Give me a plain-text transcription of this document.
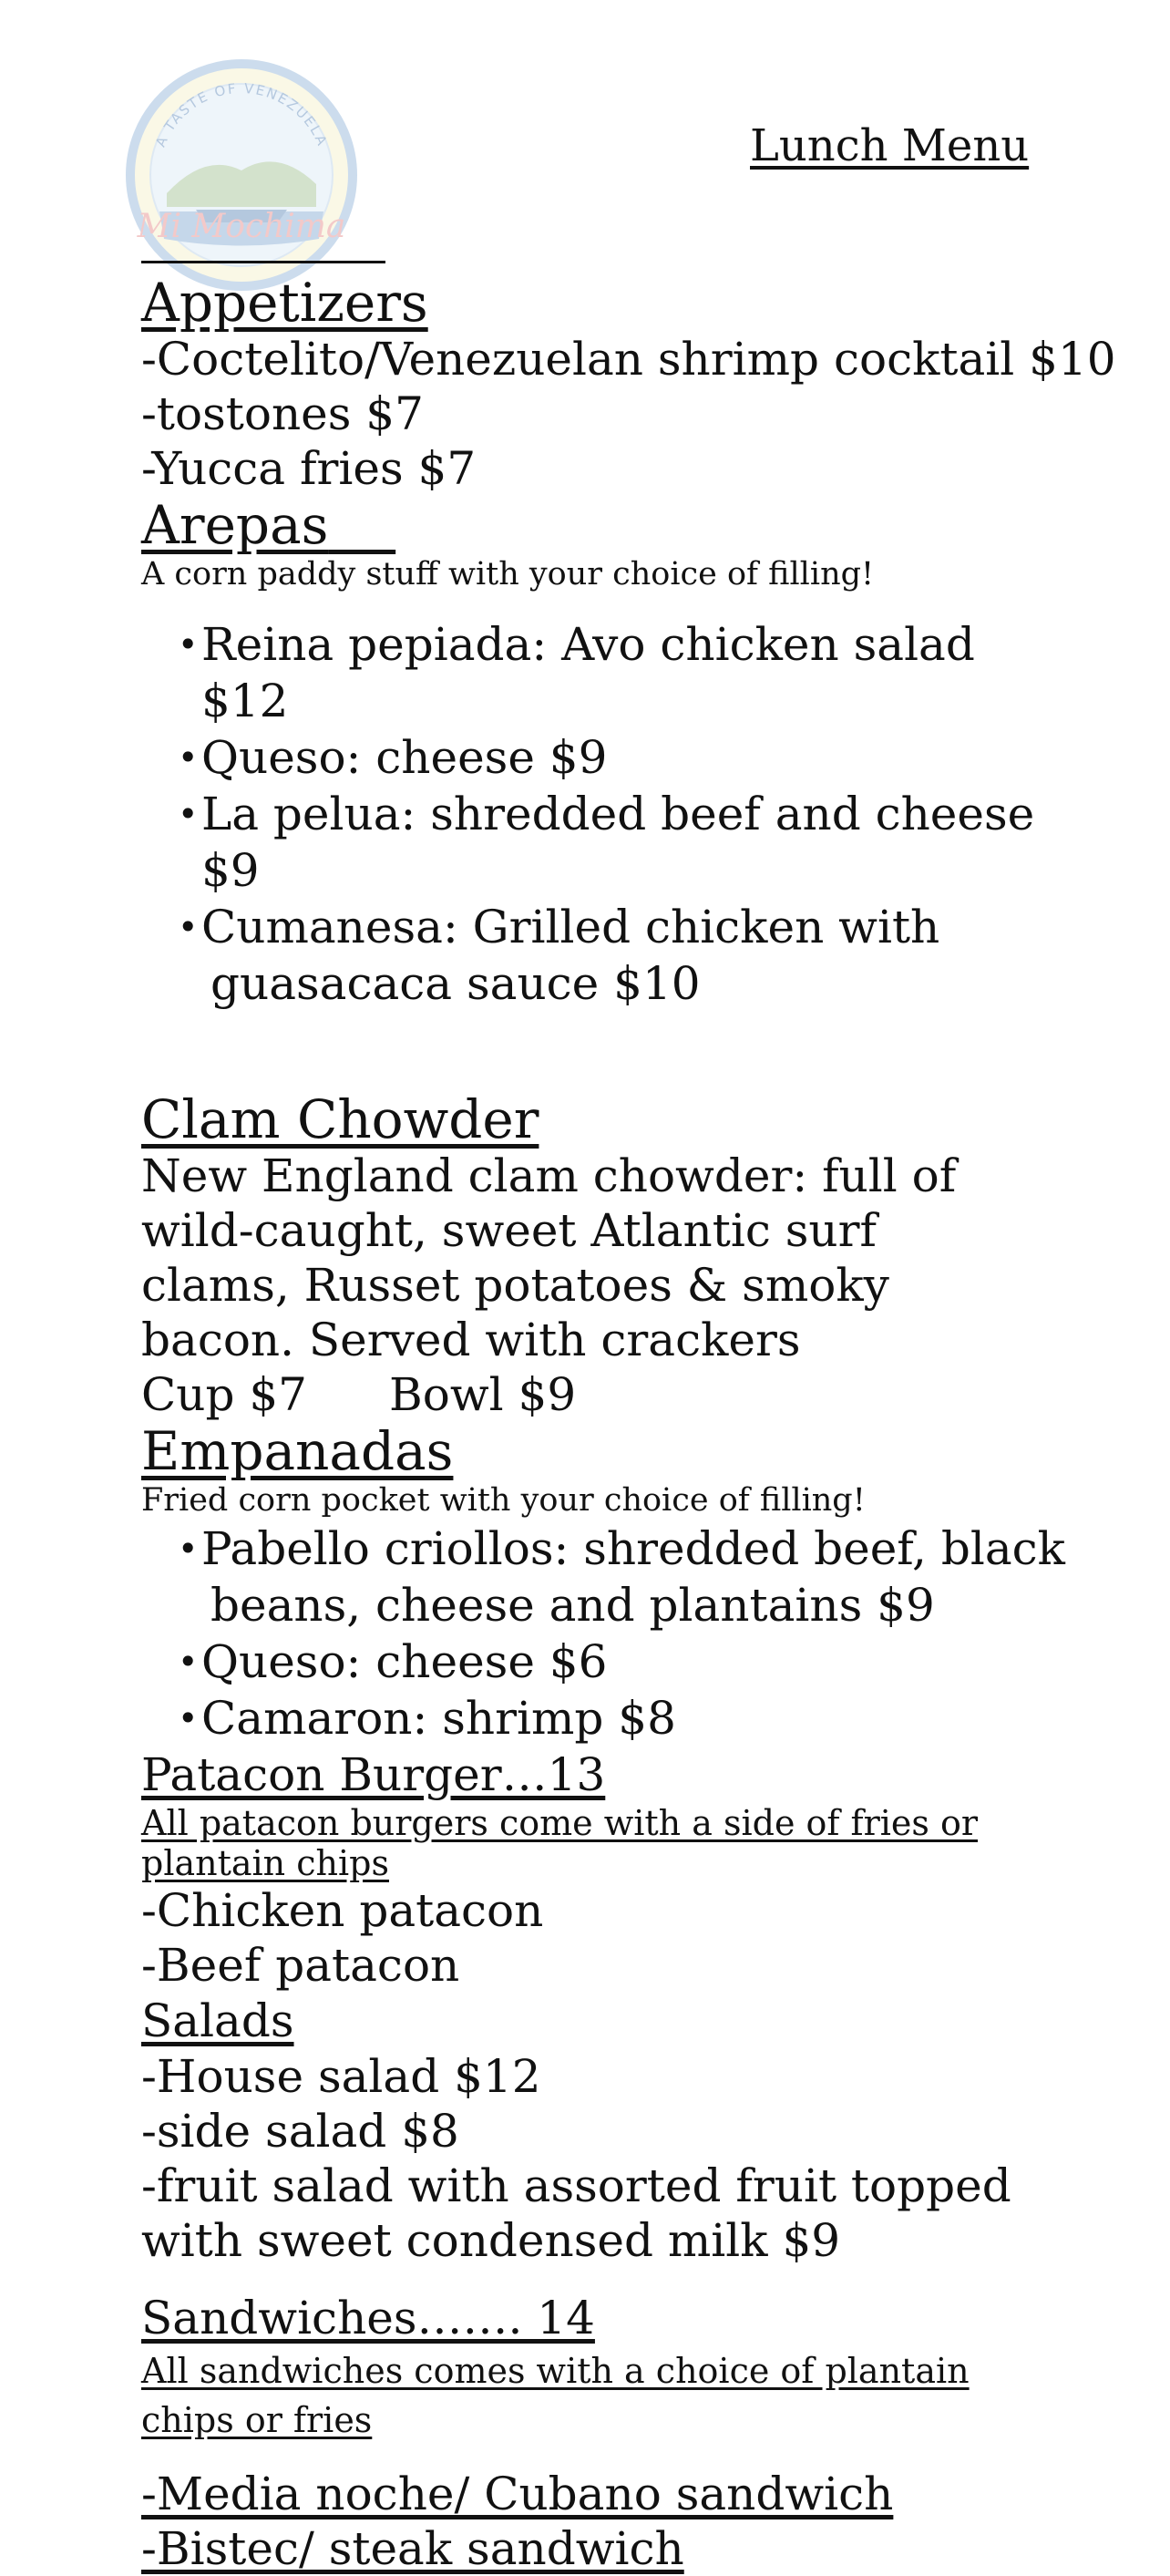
A TASTE OF VENEZUELA
Mi Mochima
Lunch Menu

Appetizers

-Coctelito/Venezuelan shrimp cocktail $10

-tostones $7

-Yucca fries $7

Arepas

A corn paddy stuff with your choice of filling!

• Reina pepiada: Avo chicken salad$12
• Queso: cheese $9
• La pelua: shredded beef and cheese$9
• Cumanesa: Grilled chicken with
guasacaca sauce $10

Clam Chowder

New England clam chowder: full of wild-caught, sweet Atlantic surf clams, Russet potatoes & smoky bacon. Served with crackers

Cup $7 Bowl $9

Empanadas

Fried corn pocket with your choice of filling!

• Pabello criollos: shredded beef, black
beans, cheese and plantains $9
• Queso: cheese $6
• Camaron: shrimp $8

Patacon Burger…13

All patacon burgers come with a side of fries or plantain chips

-Chicken patacon

-Beef patacon

Salads

-House salad $12

-side salad $8

-fruit salad with assorted fruit topped with sweet condensed milk $9

Sandwiches……. 14

All sandwiches comes with a choice of plantain chips or fries

-Media noche/ Cubano sandwich

-Bistec/ steak sandwich
